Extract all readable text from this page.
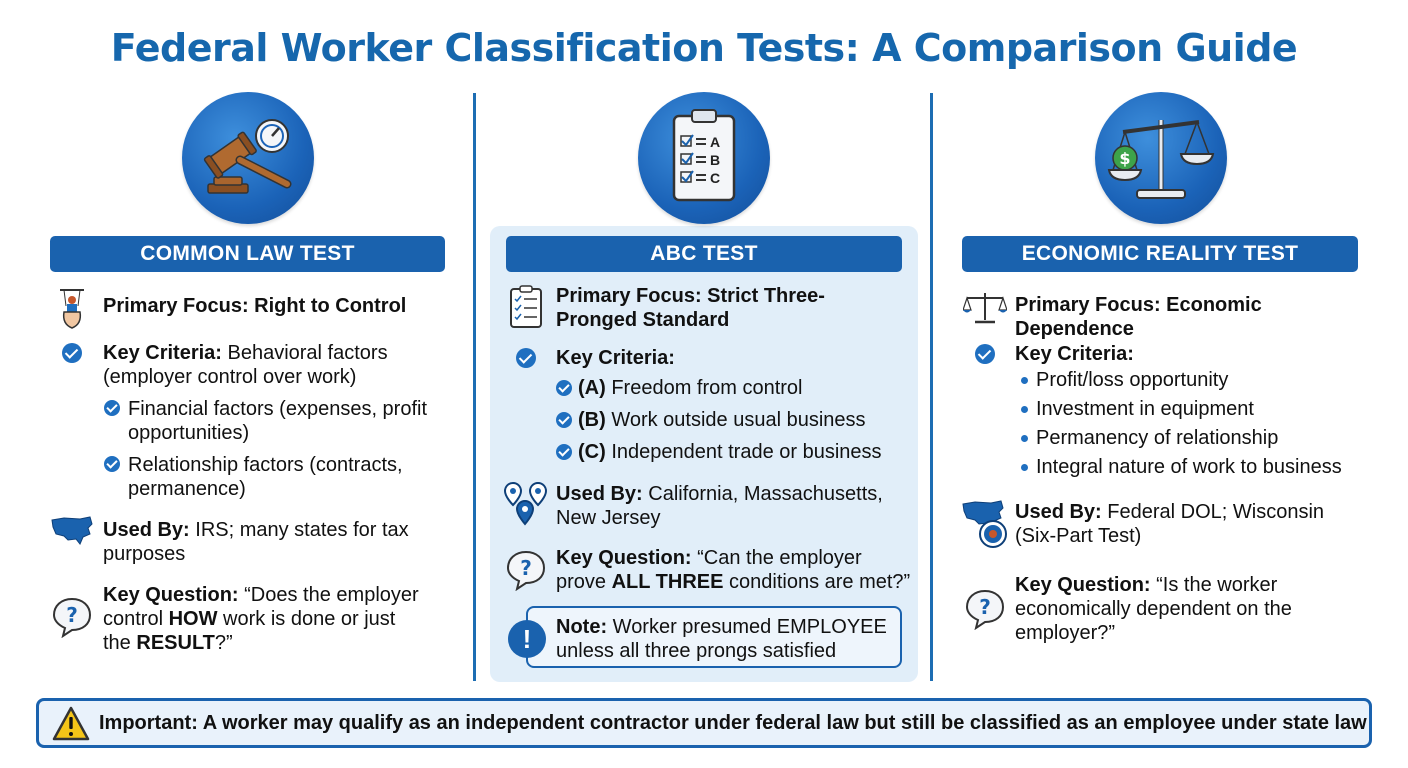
Federal Worker Classification Tests: A Comparison Guide
COMMON LAW TEST
Primary Focus: Right to Control
Key Criteria: Behavioral factors
(employer control over work)
Financial factors (expenses, profit
opportunities)
Relationship factors (contracts,
permanence)
Used By: IRS; many states for tax
purposes
?
Key Question: “Does the employer
control HOW work is done or just
the RESULT?”
A
B
C
ABC TEST
Primary Focus: Strict Three-
Pronged Standard
Key Criteria:
(A) Freedom from control
(B) Work outside usual business
(C) Independent trade or business
Used By: California, Massachusetts,
New Jersey
? Key Question: “Can the employer
prove ALL THREE conditions are met?”
!	Note: Worker presumed EMPLOYEE
unless all three prongs satisfied
$
ECONOMIC REALITY TEST
Primary Focus: Economic
Dependence
Key Criteria:
Profit/loss opportunity
Investment in equipment
Permanency of relationship
Integral nature of work to business
Used By: Federal DOL; Wisconsin
(Six-Part Test)
?
Key Question: “Is the worker
economically dependent on the
employer?”
Important: A worker may qualify as an independent contractor under federal law but still be classified as an employee under state law
